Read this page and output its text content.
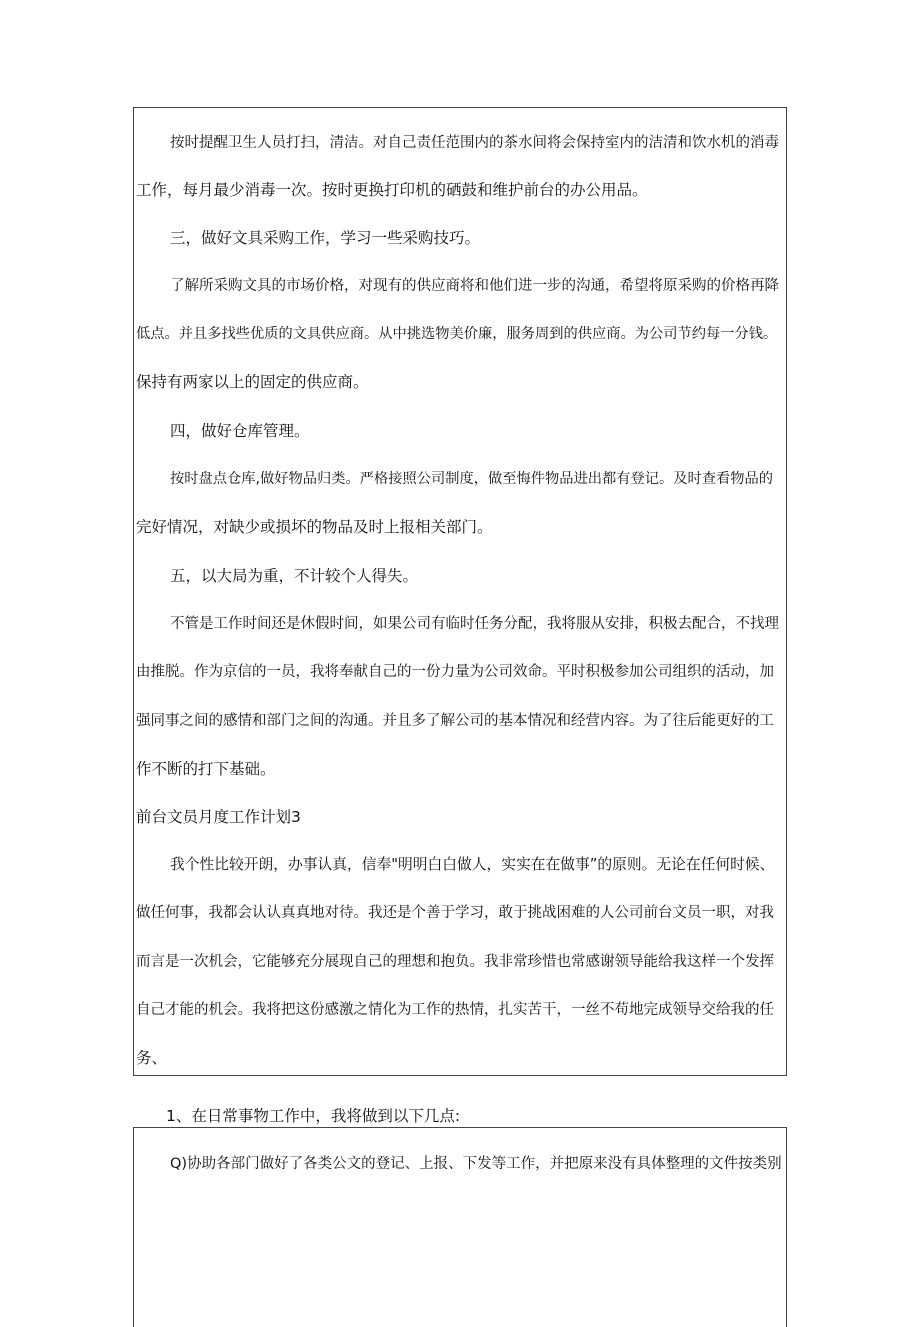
按时提醒卫生人员打扫，清洁。对自己责任范围内的茶水间将会保持室内的洁清和饮水机的消毒

工作，每月最少消毒一次。按时更换打印机的硒鼓和维护前台的办公用品。

三，做好文具采购工作，学习一些采购技巧。

了解所采购文具的市场价格，对现有的供应商将和他们进一步的沟通，希望将原采购的价格再降

低点。并且多找些优质的文具供应商。从中挑选物美价廉，服务周到的供应商。为公司节约每一分钱。

保持有两家以上的固定的供应商。

四，做好仓库管理。

按时盘点仓库,做好物品归类。严格接照公司制度，做至悔件物品进出都有登记。及时查看物品的

完好情况，对缺少或损坏的物品及时上报相关部门。

五，以大局为重，不计较个人得失。

不管是工作时间还是休假时间，如果公司有临时任务分配，我将服从安排，积极去配合，不找理

由推脱。作为京信的一员，我将奉献自己的一份力量为公司效命。平时积极参加公司组织的活动，加

强同事之间的感情和部门之间的沟通。并且多了解公司的基本情况和经营内容。为了往后能更好的工

作不断的打下基础。

前台文员月度工作计划3

我个性比较开朗，办事认真，信奉"明明白白做人，实实在在做事”的原则。无论在任何时候、

做任何事，我都会认认真真地对待。我还是个善于学习，敢于挑战困难的人公司前台文员一职，对我

而言是一次机会，它能够充分展现自己的理想和抱负。我非常珍惜也常感谢领导能给我这样一个发挥

自己才能的机会。我将把这份感激之情化为工作的热情，扎实苦干，一丝不苟地完成领导交给我的任

务、

1、在日常事物工作中，我将做到以下几点:

Q)协助各部门做好了各类公文的登记、上报、下发等工作，并把原来没有具体整理的文件按类别
